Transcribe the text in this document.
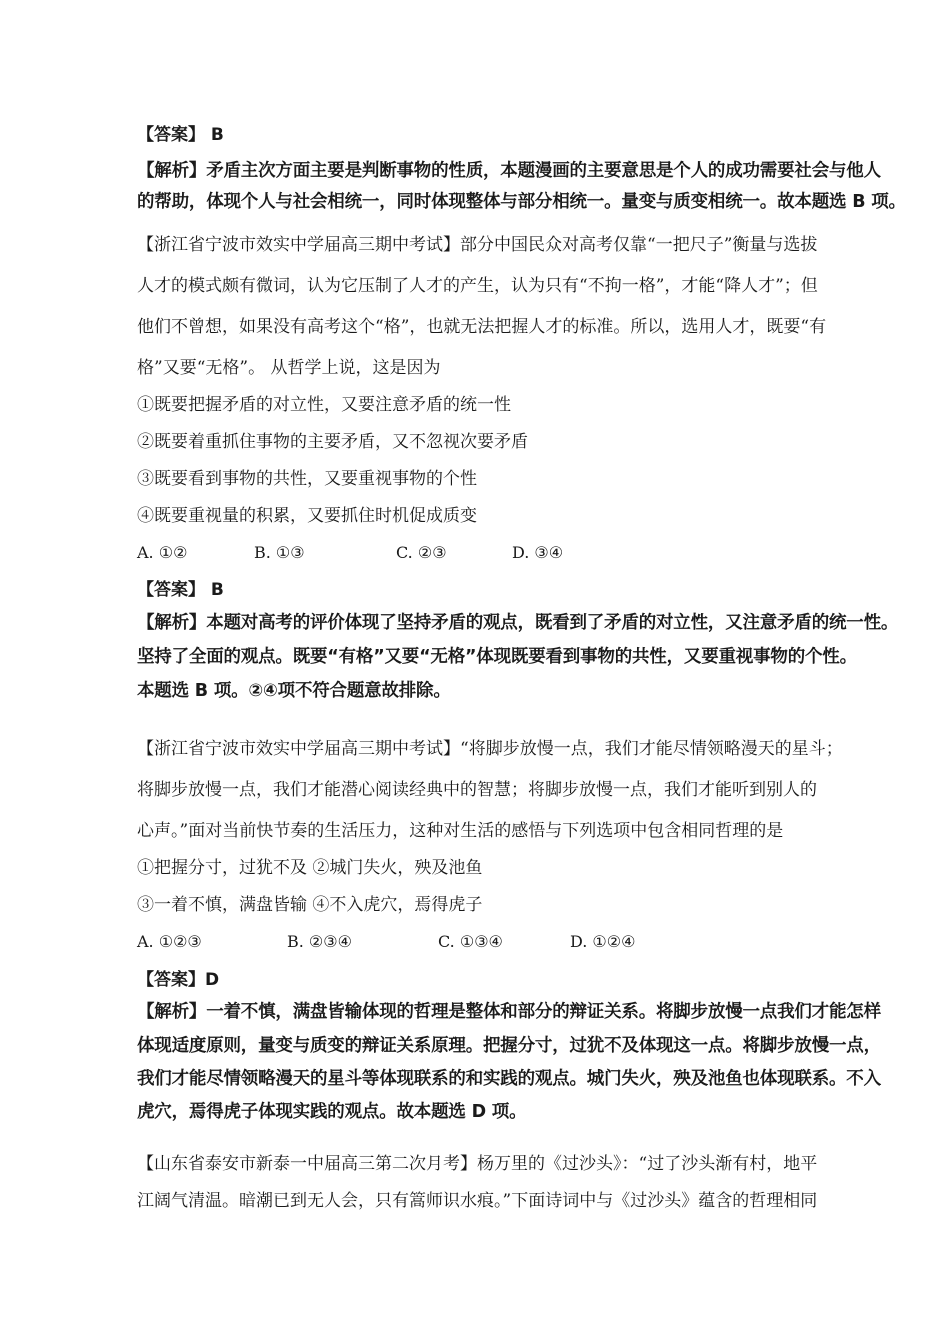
【答案】 B
【解析】矛盾主次方面主要是判断事物的性质，本题漫画的主要意思是个人的成功需要社会与他人
的帮助，体现个人与社会相统一，同时体现整体与部分相统一。量变与质变相统一。故本题选 B 项。
【浙江省宁波市效实中学届高三期中考试】部分中国民众对高考仅靠“一把尺子”衡量与选拔
人才的模式颇有微词，认为它压制了人才的产生，认为只有“不拘一格”，才能“降人才”；但
他们不曾想，如果没有高考这个“格”，也就无法把握人才的标准。所以，选用人才，既要“有
格”又要“无格”。 从哲学上说，这是因为
①既要把握矛盾的对立性，又要注意矛盾的统一性
②既要着重抓住事物的主要矛盾，又不忽视次要矛盾
③既要看到事物的共性，又要重视事物的个性
④既要重视量的积累，又要抓住时机促成质变
A. ①②	B. ①③	C. ②③	D. ③④
【答案】 B
【解析】本题对高考的评价体现了坚持矛盾的观点，既看到了矛盾的对立性，又注意矛盾的统一性。
坚持了全面的观点。既要“有格”又要“无格”体现既要看到事物的共性，又要重视事物的个性。
本题选 B 项。②④项不符合题意故排除。
【浙江省宁波市效实中学届高三期中考试】“将脚步放慢一点，我们才能尽情领略漫天的星斗；
将脚步放慢一点，我们才能潜心阅读经典中的智慧；将脚步放慢一点，我们才能听到别人的
心声。”面对当前快节奏的生活压力，这种对生活的感悟与下列选项中包含相同哲理的是
①把握分寸，过犹不及 ②城门失火，殃及池鱼
③一着不慎，满盘皆输 ④不入虎穴，焉得虎子
A. ①②③	B. ②③④	C. ①③④	D. ①②④
【答案】D
【解析】一着不慎，满盘皆输体现的哲理是整体和部分的辩证关系。将脚步放慢一点我们才能怎样
体现适度原则，量变与质变的辩证关系原理。把握分寸，过犹不及体现这一点。将脚步放慢一点，
我们才能尽情领略漫天的星斗等体现联系的和实践的观点。城门失火，殃及池鱼也体现联系。不入
虎穴，焉得虎子体现实践的观点。故本题选 D 项。
【山东省泰安市新泰一中届高三第二次月考】杨万里的《过沙头》：“过了沙头渐有村，地平
江阔气清温。暗潮已到无人会，只有篙师识水痕。”下面诗词中与《过沙头》蕴含的哲理相同
